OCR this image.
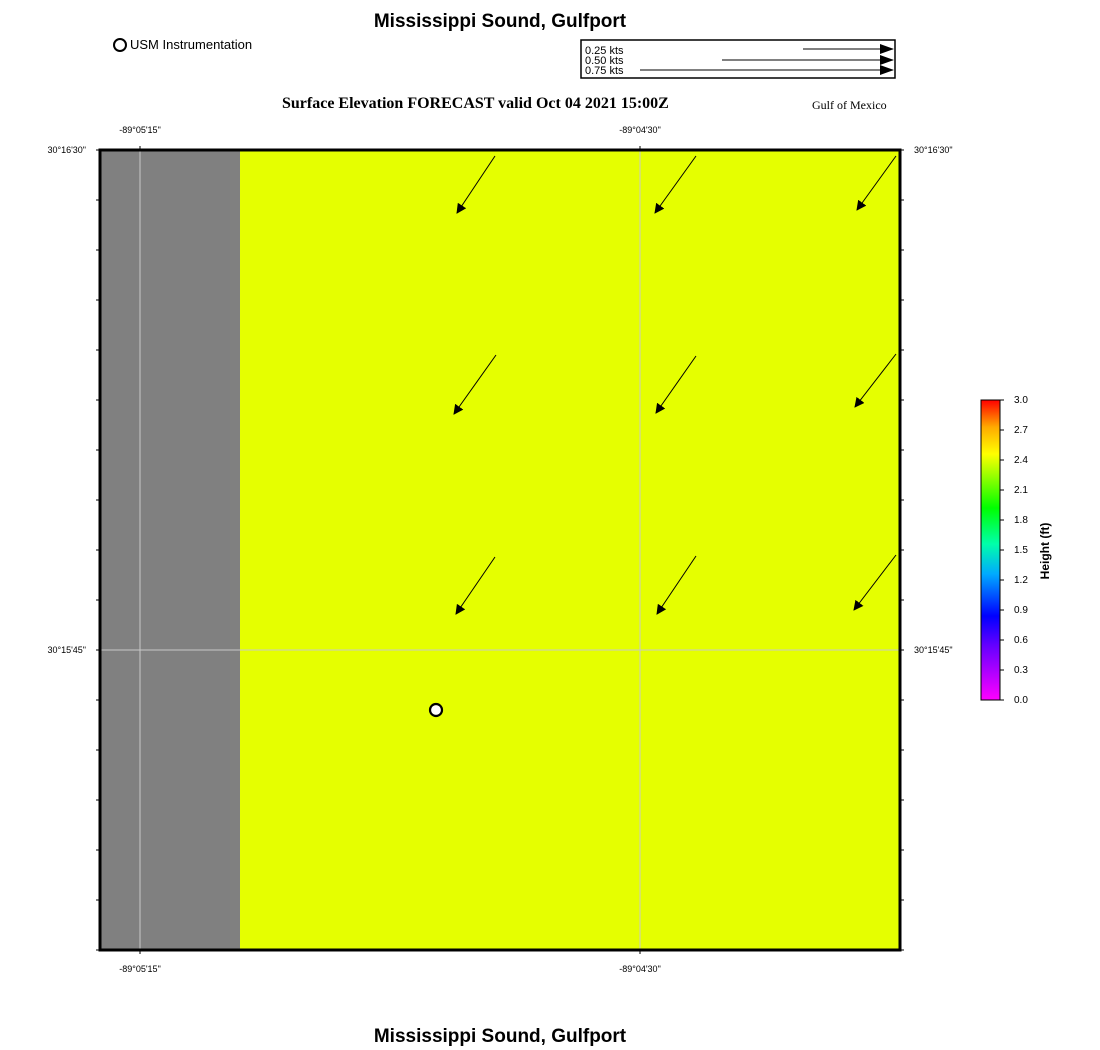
Mississippi Sound, Gulfport
USM Instrumentation
Surface Elevation FORECAST valid Oct 04 2021 15:00Z	Gulf of Mexico
0.25 kts
0.50 kts
0.75 kts
-89°05'15"	-89°04'30"
-89°05'15"	-89°04'30"
30°16'30"
30°15'45"
30°16'30"
30°15'45"
3.0
2.7
2.4
2.1
1.8
1.5
1.2
0.9
0.6
0.3
0.0
Height (ft)
Mississippi Sound, Gulfport
